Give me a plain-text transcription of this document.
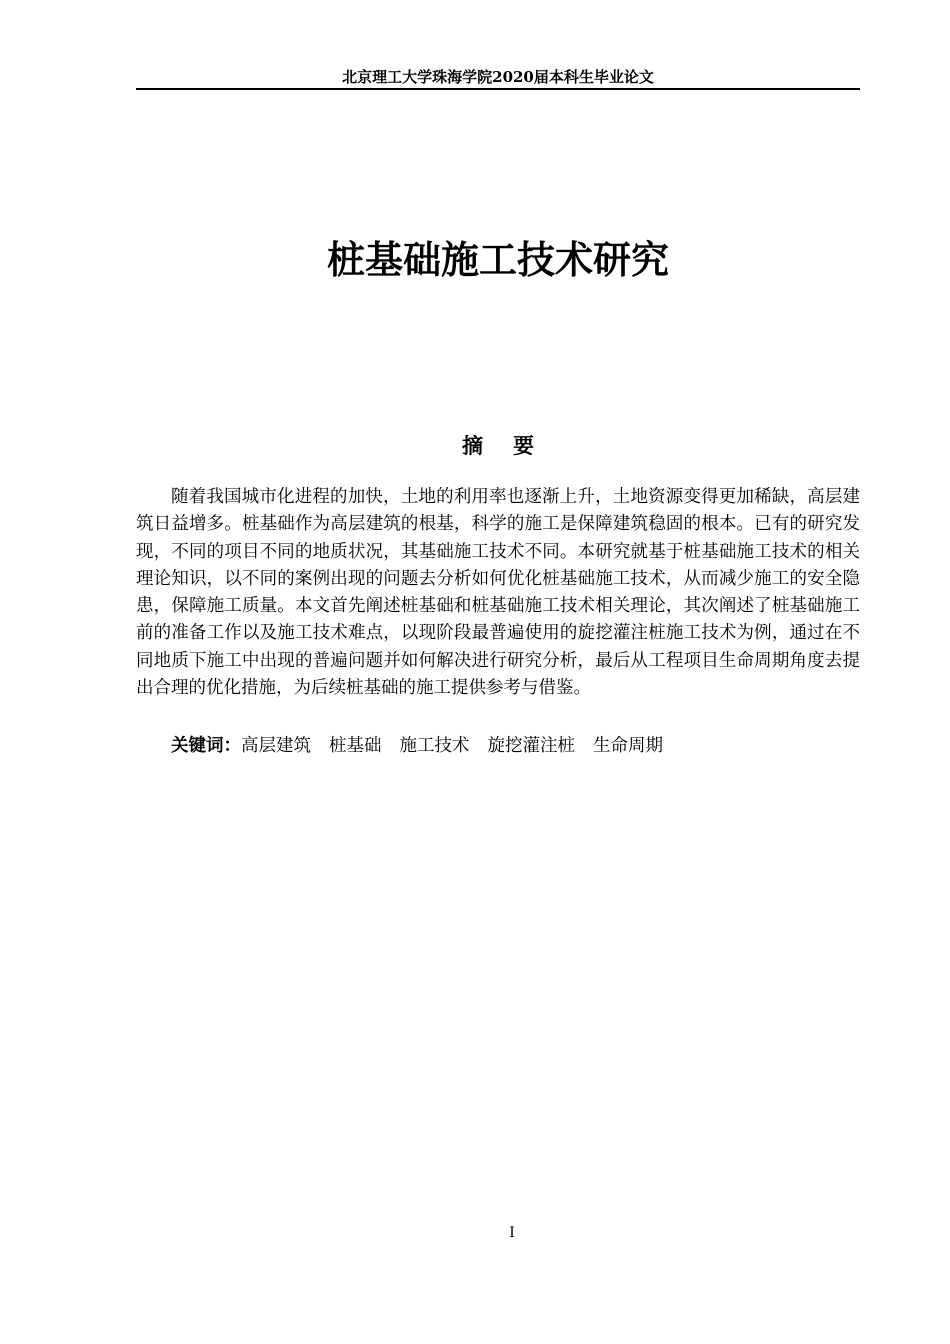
北京理工大学珠海学院2020届本科生毕业论文
桩基础施工技术研究
摘要

随着我国城市化进程的加快，土地的利用率也逐渐上升，土地资源变得更加稀缺，高层建筑日益增多。桩基础作为高层建筑的根基，科学的施工是保障建筑稳固的根本。已有的研究发现，不同的项目不同的地质状况，其基础施工技术不同。本研究就基于桩基础施工技术的相关理论知识，以不同的案例出现的问题去分析如何优化桩基础施工技术，从而减少施工的安全隐患，保障施工质量。本文首先阐述桩基础和桩基础施工技术相关理论，其次阐述了桩基础施工前的准备工作以及施工技术难点，以现阶段最普遍使用的旋挖灌注桩施工技术为例，通过在不同地质下施工中出现的普遍问题并如何解决进行研究分析，最后从工程项目生命周期角度去提出合理的优化措施，为后续桩基础的施工提供参考与借鉴。

关键词：高层建筑 桩基础 施工技术 旋挖灌注桩 生命周期
I
